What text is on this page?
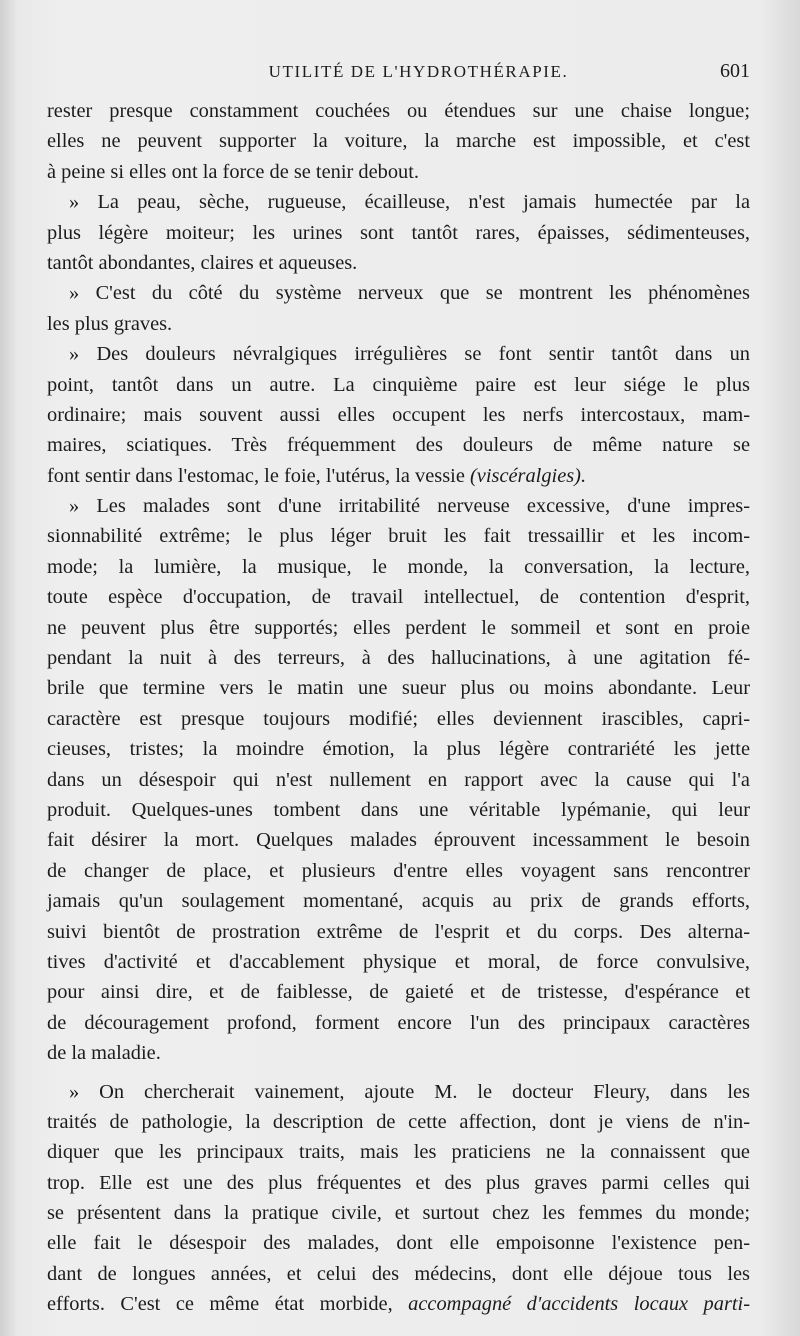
UTILITÉ DE L'HYDROTHÉRAPIE.	601
rester presque constamment couchées ou étendues sur une chaise longue;
elles ne peuvent supporter la voiture, la marche est impossible, et c'est
à peine si elles ont la force de se tenir debout.
» La peau, sèche, rugueuse, écailleuse, n'est jamais humectée par la
plus légère moiteur; les urines sont tantôt rares, épaisses, sédimenteuses,
tantôt abondantes, claires et aqueuses.
» C'est du côté du système nerveux que se montrent les phénomènes
les plus graves.
» Des douleurs névralgiques irrégulières se font sentir tantôt dans un
point, tantôt dans un autre. La cinquième paire est leur siége le plus
ordinaire; mais souvent aussi elles occupent les nerfs intercostaux, mam-
maires, sciatiques. Très fréquemment des douleurs de même nature se
font sentir dans l'estomac, le foie, l'utérus, la vessie (viscéralgies).
» Les malades sont d'une irritabilité nerveuse excessive, d'une impres-
sionnabilité extrême; le plus léger bruit les fait tressaillir et les incom-
mode; la lumière, la musique, le monde, la conversation, la lecture,
toute espèce d'occupation, de travail intellectuel, de contention d'esprit,
ne peuvent plus être supportés; elles perdent le sommeil et sont en proie
pendant la nuit à des terreurs, à des hallucinations, à une agitation fé-
brile que termine vers le matin une sueur plus ou moins abondante. Leur
caractère est presque toujours modifié; elles deviennent irascibles, capri-
cieuses, tristes; la moindre émotion, la plus légère contrariété les jette
dans un désespoir qui n'est nullement en rapport avec la cause qui l'a
produit. Quelques-unes tombent dans une véritable lypémanie, qui leur
fait désirer la mort. Quelques malades éprouvent incessamment le besoin
de changer de place, et plusieurs d'entre elles voyagent sans rencontrer
jamais qu'un soulagement momentané, acquis au prix de grands efforts,
suivi bientôt de prostration extrême de l'esprit et du corps. Des alterna-
tives d'activité et d'accablement physique et moral, de force convulsive,
pour ainsi dire, et de faiblesse, de gaieté et de tristesse, d'espérance et
de découragement profond, forment encore l'un des principaux caractères
de la maladie.
» On chercherait vainement, ajoute M. le docteur Fleury, dans les
traités de pathologie, la description de cette affection, dont je viens de n'in-
diquer que les principaux traits, mais les praticiens ne la connaissent que
trop. Elle est une des plus fréquentes et des plus graves parmi celles qui
se présentent dans la pratique civile, et surtout chez les femmes du monde;
elle fait le désespoir des malades, dont elle empoisonne l'existence pen-
dant de longues années, et celui des médecins, dont elle déjoue tous les
efforts. C'est ce même état morbide, accompagné d'accidents locaux parti-
